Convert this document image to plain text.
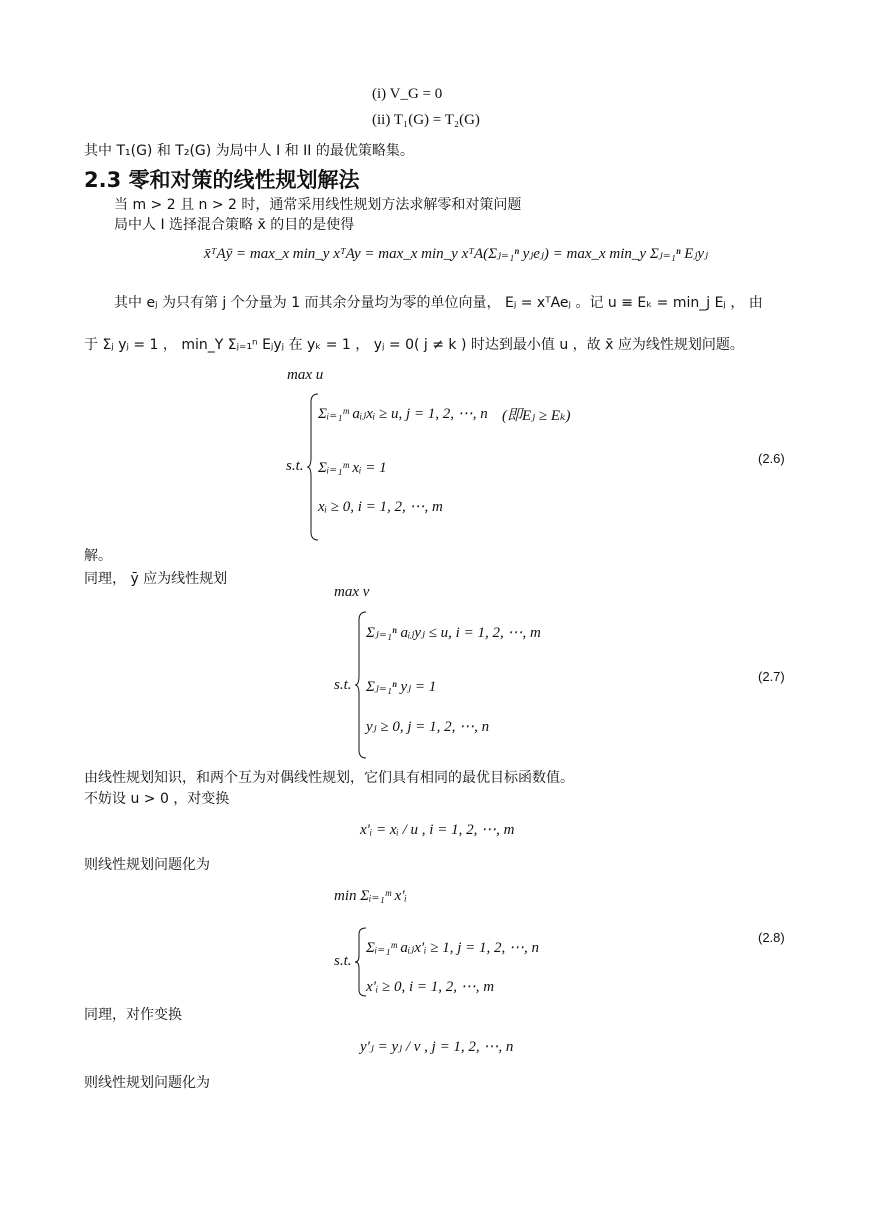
(i) V_G = 0
(ii) T₁(G) = T₂(G)
其中 T₁(G) 和 T₂(G) 为局中人 I 和 II 的最优策略集。
2.3 零和对策的线性规划解法
当 m > 2 且 n > 2 时，通常采用线性规划方法求解零和对策问题
局中人 I 选择混合策略 x̄ 的目的是使得
x̄ᵀAȳ = max_x min_y xᵀAy = max_x min_y xᵀA(Σⱼ₌₁ⁿ yⱼeⱼ) = max_x min_y Σⱼ₌₁ⁿ Eⱼyⱼ
其中 eⱼ 为只有第 j 个分量为 1 而其余分量均为零的单位向量， Eⱼ = xᵀAeⱼ 。记 u ≡ Eₖ = min_j Eⱼ ， 由
于 Σⱼ yⱼ = 1 ， min_Y Σⱼ₌₁ⁿ Eⱼyⱼ 在 yₖ = 1 ， yⱼ = 0( j ≠ k ) 时达到最小值 u ，故 x̄ 应为线性规划问题。
max u
s.t.
Σᵢ₌₁ᵐ aᵢⱼxᵢ ≥ u, j = 1, 2, ⋯, n (即Eⱼ ≥ Eₖ)
Σᵢ₌₁ᵐ xᵢ = 1
xᵢ ≥ 0, i = 1, 2, ⋯, m
(2.6)
解。
同理， ȳ 应为线性规划
max v
s.t.
Σⱼ₌₁ⁿ aᵢⱼyⱼ ≤ u, i = 1, 2, ⋯, m
Σⱼ₌₁ⁿ yⱼ = 1
yⱼ ≥ 0, j = 1, 2, ⋯, n
(2.7)
由线性规划知识，和两个互为对偶线性规划，它们具有相同的最优目标函数值。
不妨设 u > 0 ，对变换
x'ᵢ = xᵢ / u , i = 1, 2, ⋯, m
则线性规划问题化为
min Σᵢ₌₁ᵐ x'ᵢ
s.t.
Σᵢ₌₁ᵐ aᵢⱼx'ᵢ ≥ 1, j = 1, 2, ⋯, n
x'ᵢ ≥ 0, i = 1, 2, ⋯, m
(2.8)
同理，对作变换
y'ⱼ = yⱼ / v , j = 1, 2, ⋯, n
则线性规划问题化为
